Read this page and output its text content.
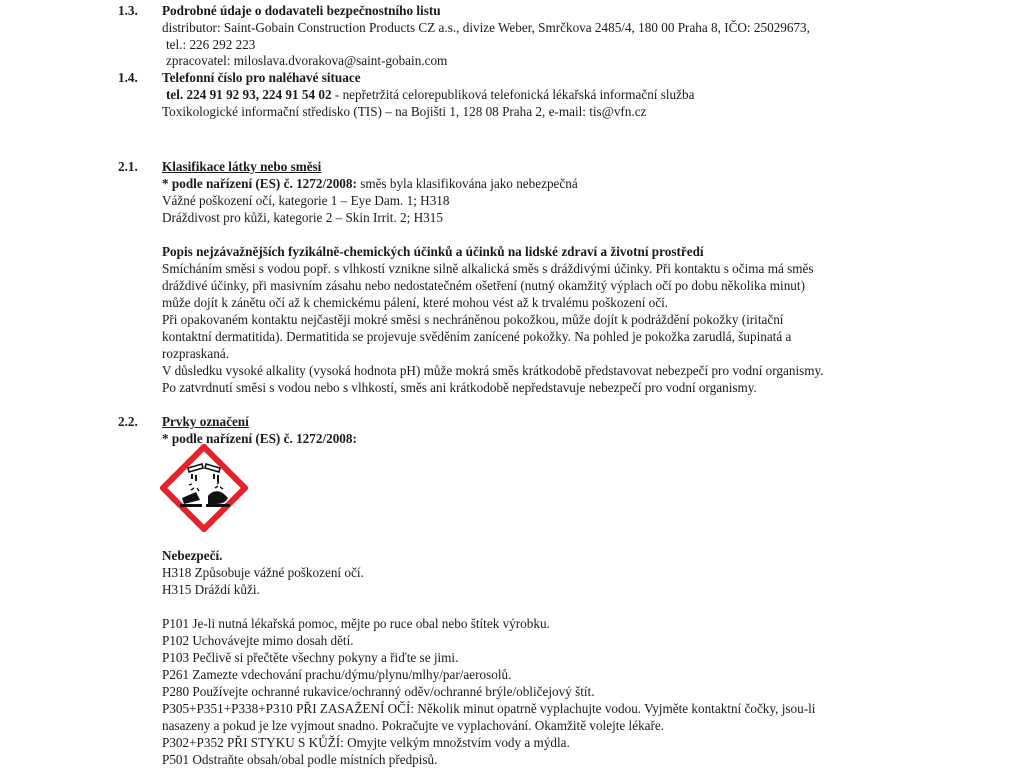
1.3. Podrobné údaje o dodavateli bezpečnostního listu
distributor: Saint-Gobain Construction Products CZ a.s., divize Weber, Smrčkova 2485/4, 180 00 Praha 8, IČO: 25029673,
tel.: 226 292 223
zpracovatel: miloslava.dvorakova@saint-gobain.com
1.4. Telefonní číslo pro naléhavé situace
tel. 224 91 92 93, 224 91 54 02 - nepřetržitá celorepubliková telefonická lékařská informační služba
Toxikologické informační středisko (TIS) – na Bojišti 1, 128 08 Praha 2, e-mail: tis@vfn.cz
2.1. Klasifikace látky nebo směsi
* podle nařízení (ES) č. 1272/2008: směs byla klasifikována jako nebezpečná
Vážné poškození očí, kategorie 1 – Eye Dam. 1; H318
Dráždivost pro kůži, kategorie 2 – Skin Irrit. 2; H315
Popis nejzávažnějších fyzikálně-chemických účinků a účinků na lidské zdraví a životní prostředí
Smícháním směsi s vodou popř. s vlhkostí vznikne silně alkalická směs s dráždivými účinky. Při kontaktu s očima má směs
dráždivé účinky, při masivním zásahu nebo nedostatečném ošetření (nutný okamžitý výplach očí po dobu několika minut)
může dojít k zánětu očí až k chemickému pálení, které mohou vést až k trvalému poškození očí.
Při opakovaném kontaktu nejčastěji mokré směsi s nechráněnou pokožkou, může dojít k podráždění pokožky (iritační
kontaktní dermatitida). Dermatitida se projevuje svěděním zanícené pokožky. Na pohled je pokožka zarudlá, šupinatá a
rozpraskaná.
V důsledku vysoké alkality (vysoká hodnota pH) může mokrá směs krátkodobě představovat nebezpečí pro vodní organismy.
Po zatvrdnutí směsi s vodou nebo s vlhkostí, směs ani krátkodobě nepředstavuje nebezpečí pro vodní organismy.
2.2. Prvky označení
* podle nařízení (ES) č. 1272/2008:
Nebezpečí.
H318 Způsobuje vážné poškození očí.
H315 Dráždí kůži.
P101 Je-li nutná lékařská pomoc, mějte po ruce obal nebo štítek výrobku.
P102 Uchovávejte mimo dosah dětí.
P103 Pečlivě si přečtěte všechny pokyny a řiďte se jimi.
P261 Zamezte vdechování prachu/dýmu/plynu/mlhy/par/aerosolů.
P280 Používejte ochranné rukavice/ochranný oděv/ochranné brýle/obličejový štít.
P305+P351+P338+P310 PŘI ZASAŽENÍ OČÍ: Několik minut opatrně vyplachujte vodou. Vyjměte kontaktní čočky, jsou-li
nasazeny a pokud je lze vyjmout snadno. Pokračujte ve vyplachování. Okamžitě volejte lékaře.
P302+P352 PŘI STYKU S KŮŽÍ: Omyjte velkým množstvím vody a mýdla.
P501 Odstraňte obsah/obal podle místních předpisů.
